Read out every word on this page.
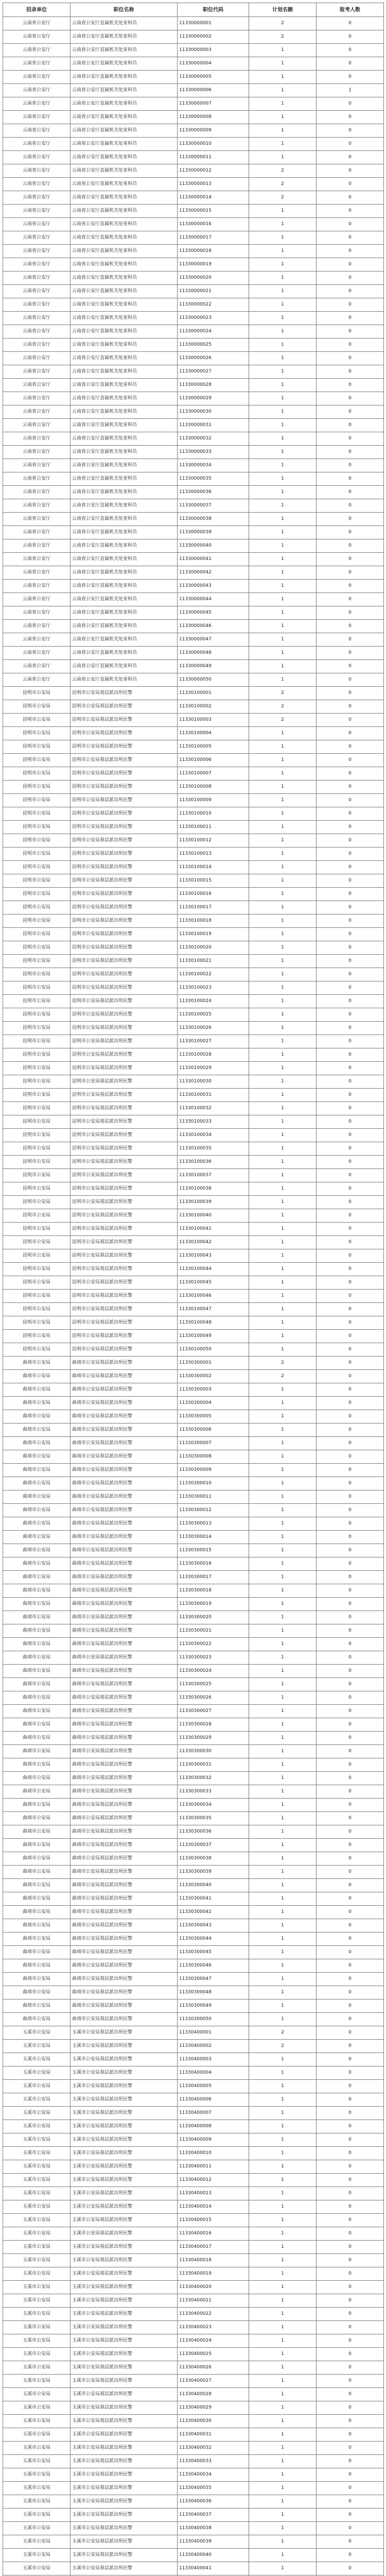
招录单位	职位名称	职位代码	计划名额	报考人数
云南省公安厅	云南省公安厅直属机关处室科员	11330000001	2	0
云南省公安厅	云南省公安厅直属机关处室科员	11330000002	2	0
云南省公安厅	云南省公安厅直属机关处室科员	11330000003	1	0
云南省公安厅	云南省公安厅直属机关处室科员	11330000004	1	0
云南省公安厅	云南省公安厅直属机关处室科员	11330000005	1	0
云南省公安厅	云南省公安厅直属机关处室科员	11330000006	1	1
云南省公安厅	云南省公安厅直属机关处室科员	11330000007	1	0
云南省公安厅	云南省公安厅直属机关处室科员	11330000008	1	0
云南省公安厅	云南省公安厅直属机关处室科员	11330000009	1	0
云南省公安厅	云南省公安厅直属机关处室科员	11330000010	1	0
云南省公安厅	云南省公安厅直属机关处室科员	11330000011	1	0
云南省公安厅	云南省公安厅直属机关处室科员	11330000012	2	0
云南省公安厅	云南省公安厅直属机关处室科员	11330000013	2	0
云南省公安厅	云南省公安厅直属机关处室科员	11330000014	2	0
云南省公安厅	云南省公安厅直属机关处室科员	11330000015	1	0
云南省公安厅	云南省公安厅直属机关处室科员	11330000016	1	0
云南省公安厅	云南省公安厅直属机关处室科员	11330000017	1	0
云南省公安厅	云南省公安厅直属机关处室科员	11330000018	1	0
云南省公安厅	云南省公安厅直属机关处室科员	11330000019	1	0
云南省公安厅	云南省公安厅直属机关处室科员	11330000020	1	0
云南省公安厅	云南省公安厅直属机关处室科员	11330000021	1	0
云南省公安厅	云南省公安厅直属机关处室科员	11330000022	1	0
云南省公安厅	云南省公安厅直属机关处室科员	11330000023	1	0
云南省公安厅	云南省公安厅直属机关处室科员	11330000024	1	0
云南省公安厅	云南省公安厅直属机关处室科员	11330000025	1	0
云南省公安厅	云南省公安厅直属机关处室科员	11330000026	1	0
云南省公安厅	云南省公安厅直属机关处室科员	11330000027	1	0
云南省公安厅	云南省公安厅直属机关处室科员	11330000028	1	0
云南省公安厅	云南省公安厅直属机关处室科员	11330000029	1	0
云南省公安厅	云南省公安厅直属机关处室科员	11330000030	1	0
云南省公安厅	云南省公安厅直属机关处室科员	11330000031	1	0
云南省公安厅	云南省公安厅直属机关处室科员	11330000032	1	0
云南省公安厅	云南省公安厅直属机关处室科员	11330000033	1	0
云南省公安厅	云南省公安厅直属机关处室科员	11330000034	1	0
云南省公安厅	云南省公安厅直属机关处室科员	11330000035	1	0
云南省公安厅	云南省公安厅直属机关处室科员	11330000036	1	0
云南省公安厅	云南省公安厅直属机关处室科员	11330000037	1	0
云南省公安厅	云南省公安厅直属机关处室科员	11330000038	1	0
云南省公安厅	云南省公安厅直属机关处室科员	11330000039	1	0
云南省公安厅	云南省公安厅直属机关处室科员	11330000040	1	0
云南省公安厅	云南省公安厅直属机关处室科员	11330000041	1	0
云南省公安厅	云南省公安厅直属机关处室科员	11330000042	1	0
云南省公安厅	云南省公安厅直属机关处室科员	11330000043	1	0
云南省公安厅	云南省公安厅直属机关处室科员	11330000044	1	0
云南省公安厅	云南省公安厅直属机关处室科员	11330000045	1	0
云南省公安厅	云南省公安厅直属机关处室科员	11330000046	1	0
云南省公安厅	云南省公安厅直属机关处室科员	11330000047	1	0
云南省公安厅	云南省公安厅直属机关处室科员	11330000048	1	0
云南省公安厅	云南省公安厅直属机关处室科员	11330000049	1	0
云南省公安厅	云南省公安厅直属机关处室科员	11330000050	1	0
昆明市公安局	昆明市公安局基层派出所民警	11330100001	2	0
昆明市公安局	昆明市公安局基层派出所民警	11330100002	2	0
昆明市公安局	昆明市公安局基层派出所民警	11330100003	2	0
昆明市公安局	昆明市公安局基层派出所民警	11330100004	1	0
昆明市公安局	昆明市公安局基层派出所民警	11330100005	1	0
昆明市公安局	昆明市公安局基层派出所民警	11330100006	1	0
昆明市公安局	昆明市公安局基层派出所民警	11330100007	1	0
昆明市公安局	昆明市公安局基层派出所民警	11330100008	1	0
昆明市公安局	昆明市公安局基层派出所民警	11330100009	1	0
昆明市公安局	昆明市公安局基层派出所民警	11330100010	1	0
昆明市公安局	昆明市公安局基层派出所民警	11330100011	1	0
昆明市公安局	昆明市公安局基层派出所民警	11330100012	1	0
昆明市公安局	昆明市公安局基层派出所民警	11330100013	1	0
昆明市公安局	昆明市公安局基层派出所民警	11330100014	1	0
昆明市公安局	昆明市公安局基层派出所民警	11330100015	1	0
昆明市公安局	昆明市公安局基层派出所民警	11330100016	1	0
昆明市公安局	昆明市公安局基层派出所民警	11330100017	1	0
昆明市公安局	昆明市公安局基层派出所民警	11330100018	1	0
昆明市公安局	昆明市公安局基层派出所民警	11330100019	1	0
昆明市公安局	昆明市公安局基层派出所民警	11330100020	1	0
昆明市公安局	昆明市公安局基层派出所民警	11330100021	1	0
昆明市公安局	昆明市公安局基层派出所民警	11330100022	1	0
昆明市公安局	昆明市公安局基层派出所民警	11330100023	1	0
昆明市公安局	昆明市公安局基层派出所民警	11330100024	1	0
昆明市公安局	昆明市公安局基层派出所民警	11330100025	1	0
昆明市公安局	昆明市公安局基层派出所民警	11330100026	1	0
昆明市公安局	昆明市公安局基层派出所民警	11330100027	1	0
昆明市公安局	昆明市公安局基层派出所民警	11330100028	1	0
昆明市公安局	昆明市公安局基层派出所民警	11330100029	1	0
昆明市公安局	昆明市公安局基层派出所民警	11330100030	1	0
昆明市公安局	昆明市公安局基层派出所民警	11330100031	1	0
昆明市公安局	昆明市公安局基层派出所民警	11330100032	1	0
昆明市公安局	昆明市公安局基层派出所民警	11330100033	1	0
昆明市公安局	昆明市公安局基层派出所民警	11330100034	1	0
昆明市公安局	昆明市公安局基层派出所民警	11330100035	1	0
昆明市公安局	昆明市公安局基层派出所民警	11330100036	1	0
昆明市公安局	昆明市公安局基层派出所民警	11330100037	1	0
昆明市公安局	昆明市公安局基层派出所民警	11330100038	1	0
昆明市公安局	昆明市公安局基层派出所民警	11330100039	1	0
昆明市公安局	昆明市公安局基层派出所民警	11330100040	1	0
昆明市公安局	昆明市公安局基层派出所民警	11330100041	1	0
昆明市公安局	昆明市公安局基层派出所民警	11330100042	1	0
昆明市公安局	昆明市公安局基层派出所民警	11330100043	1	0
昆明市公安局	昆明市公安局基层派出所民警	11330100044	1	0
昆明市公安局	昆明市公安局基层派出所民警	11330100045	1	0
昆明市公安局	昆明市公安局基层派出所民警	11330100046	1	0
昆明市公安局	昆明市公安局基层派出所民警	11330100047	1	0
昆明市公安局	昆明市公安局基层派出所民警	11330100048	1	0
昆明市公安局	昆明市公安局基层派出所民警	11330100049	1	0
昆明市公安局	昆明市公安局基层派出所民警	11330100050	1	0
曲靖市公安局	曲靖市公安局基层派出所民警	11330300001	2	0
曲靖市公安局	曲靖市公安局基层派出所民警	11330300002	2	0
曲靖市公安局	曲靖市公安局基层派出所民警	11330300003	1	0
曲靖市公安局	曲靖市公安局基层派出所民警	11330300004	1	0
曲靖市公安局	曲靖市公安局基层派出所民警	11330300005	1	0
曲靖市公安局	曲靖市公安局基层派出所民警	11330300006	1	0
曲靖市公安局	曲靖市公安局基层派出所民警	11330300007	1	0
曲靖市公安局	曲靖市公安局基层派出所民警	11330300008	1	0
曲靖市公安局	曲靖市公安局基层派出所民警	11330300009	1	0
曲靖市公安局	曲靖市公安局基层派出所民警	11330300010	1	0
曲靖市公安局	曲靖市公安局基层派出所民警	11330300011	1	0
曲靖市公安局	曲靖市公安局基层派出所民警	11330300012	1	0
曲靖市公安局	曲靖市公安局基层派出所民警	11330300013	1	0
曲靖市公安局	曲靖市公安局基层派出所民警	11330300014	1	0
曲靖市公安局	曲靖市公安局基层派出所民警	11330300015	1	0
曲靖市公安局	曲靖市公安局基层派出所民警	11330300016	1	0
曲靖市公安局	曲靖市公安局基层派出所民警	11330300017	1	0
曲靖市公安局	曲靖市公安局基层派出所民警	11330300018	1	0
曲靖市公安局	曲靖市公安局基层派出所民警	11330300019	1	0
曲靖市公安局	曲靖市公安局基层派出所民警	11330300020	1	0
曲靖市公安局	曲靖市公安局基层派出所民警	11330300021	1	0
曲靖市公安局	曲靖市公安局基层派出所民警	11330300022	1	0
曲靖市公安局	曲靖市公安局基层派出所民警	11330300023	1	0
曲靖市公安局	曲靖市公安局基层派出所民警	11330300024	1	0
曲靖市公安局	曲靖市公安局基层派出所民警	11330300025	1	0
曲靖市公安局	曲靖市公安局基层派出所民警	11330300026	1	0
曲靖市公安局	曲靖市公安局基层派出所民警	11330300027	1	0
曲靖市公安局	曲靖市公安局基层派出所民警	11330300028	1	0
曲靖市公安局	曲靖市公安局基层派出所民警	11330300029	1	0
曲靖市公安局	曲靖市公安局基层派出所民警	11330300030	1	0
曲靖市公安局	曲靖市公安局基层派出所民警	11330300031	1	0
曲靖市公安局	曲靖市公安局基层派出所民警	11330300032	1	0
曲靖市公安局	曲靖市公安局基层派出所民警	11330300033	1	0
曲靖市公安局	曲靖市公安局基层派出所民警	11330300034	1	0
曲靖市公安局	曲靖市公安局基层派出所民警	11330300035	1	0
曲靖市公安局	曲靖市公安局基层派出所民警	11330300036	1	0
曲靖市公安局	曲靖市公安局基层派出所民警	11330300037	1	0
曲靖市公安局	曲靖市公安局基层派出所民警	11330300038	1	0
曲靖市公安局	曲靖市公安局基层派出所民警	11330300039	1	0
曲靖市公安局	曲靖市公安局基层派出所民警	11330300040	1	0
曲靖市公安局	曲靖市公安局基层派出所民警	11330300041	1	0
曲靖市公安局	曲靖市公安局基层派出所民警	11330300042	1	0
曲靖市公安局	曲靖市公安局基层派出所民警	11330300043	1	0
曲靖市公安局	曲靖市公安局基层派出所民警	11330300044	1	0
曲靖市公安局	曲靖市公安局基层派出所民警	11330300045	1	0
曲靖市公安局	曲靖市公安局基层派出所民警	11330300046	1	0
曲靖市公安局	曲靖市公安局基层派出所民警	11330300047	1	0
曲靖市公安局	曲靖市公安局基层派出所民警	11330300048	1	0
曲靖市公安局	曲靖市公安局基层派出所民警	11330300049	1	0
曲靖市公安局	曲靖市公安局基层派出所民警	11330300050	1	0
玉溪市公安局	玉溪市公安局基层派出所民警	11330400001	2	0
玉溪市公安局	玉溪市公安局基层派出所民警	11330400002	2	0
玉溪市公安局	玉溪市公安局基层派出所民警	11330400003	1	0
玉溪市公安局	玉溪市公安局基层派出所民警	11330400004	1	0
玉溪市公安局	玉溪市公安局基层派出所民警	11330400005	1	0
玉溪市公安局	玉溪市公安局基层派出所民警	11330400006	1	0
玉溪市公安局	玉溪市公安局基层派出所民警	11330400007	1	0
玉溪市公安局	玉溪市公安局基层派出所民警	11330400008	1	0
玉溪市公安局	玉溪市公安局基层派出所民警	11330400009	1	0
玉溪市公安局	玉溪市公安局基层派出所民警	11330400010	1	0
玉溪市公安局	玉溪市公安局基层派出所民警	11330400011	1	0
玉溪市公安局	玉溪市公安局基层派出所民警	11330400012	1	0
玉溪市公安局	玉溪市公安局基层派出所民警	11330400013	1	0
玉溪市公安局	玉溪市公安局基层派出所民警	11330400014	1	0
玉溪市公安局	玉溪市公安局基层派出所民警	11330400015	1	0
玉溪市公安局	玉溪市公安局基层派出所民警	11330400016	1	0
玉溪市公安局	玉溪市公安局基层派出所民警	11330400017	1	0
玉溪市公安局	玉溪市公安局基层派出所民警	11330400018	1	0
玉溪市公安局	玉溪市公安局基层派出所民警	11330400019	1	0
玉溪市公安局	玉溪市公安局基层派出所民警	11330400020	1	0
玉溪市公安局	玉溪市公安局基层派出所民警	11330400021	1	0
玉溪市公安局	玉溪市公安局基层派出所民警	11330400022	1	0
玉溪市公安局	玉溪市公安局基层派出所民警	11330400023	1	0
玉溪市公安局	玉溪市公安局基层派出所民警	11330400024	1	0
玉溪市公安局	玉溪市公安局基层派出所民警	11330400025	1	0
玉溪市公安局	玉溪市公安局基层派出所民警	11330400026	1	0
玉溪市公安局	玉溪市公安局基层派出所民警	11330400027	1	0
玉溪市公安局	玉溪市公安局基层派出所民警	11330400028	1	0
玉溪市公安局	玉溪市公安局基层派出所民警	11330400029	1	0
玉溪市公安局	玉溪市公安局基层派出所民警	11330400030	1	0
玉溪市公安局	玉溪市公安局基层派出所民警	11330400031	1	0
玉溪市公安局	玉溪市公安局基层派出所民警	11330400032	1	0
玉溪市公安局	玉溪市公安局基层派出所民警	11330400033	1	0
玉溪市公安局	玉溪市公安局基层派出所民警	11330400034	1	0
玉溪市公安局	玉溪市公安局基层派出所民警	11330400035	1	0
玉溪市公安局	玉溪市公安局基层派出所民警	11330400036	1	0
玉溪市公安局	玉溪市公安局基层派出所民警	11330400037	1	0
玉溪市公安局	玉溪市公安局基层派出所民警	11330400038	1	0
玉溪市公安局	玉溪市公安局基层派出所民警	11330400039	1	0
玉溪市公安局	玉溪市公安局基层派出所民警	11330400040	1	0
玉溪市公安局	玉溪市公安局基层派出所民警	11330400041	1	0
